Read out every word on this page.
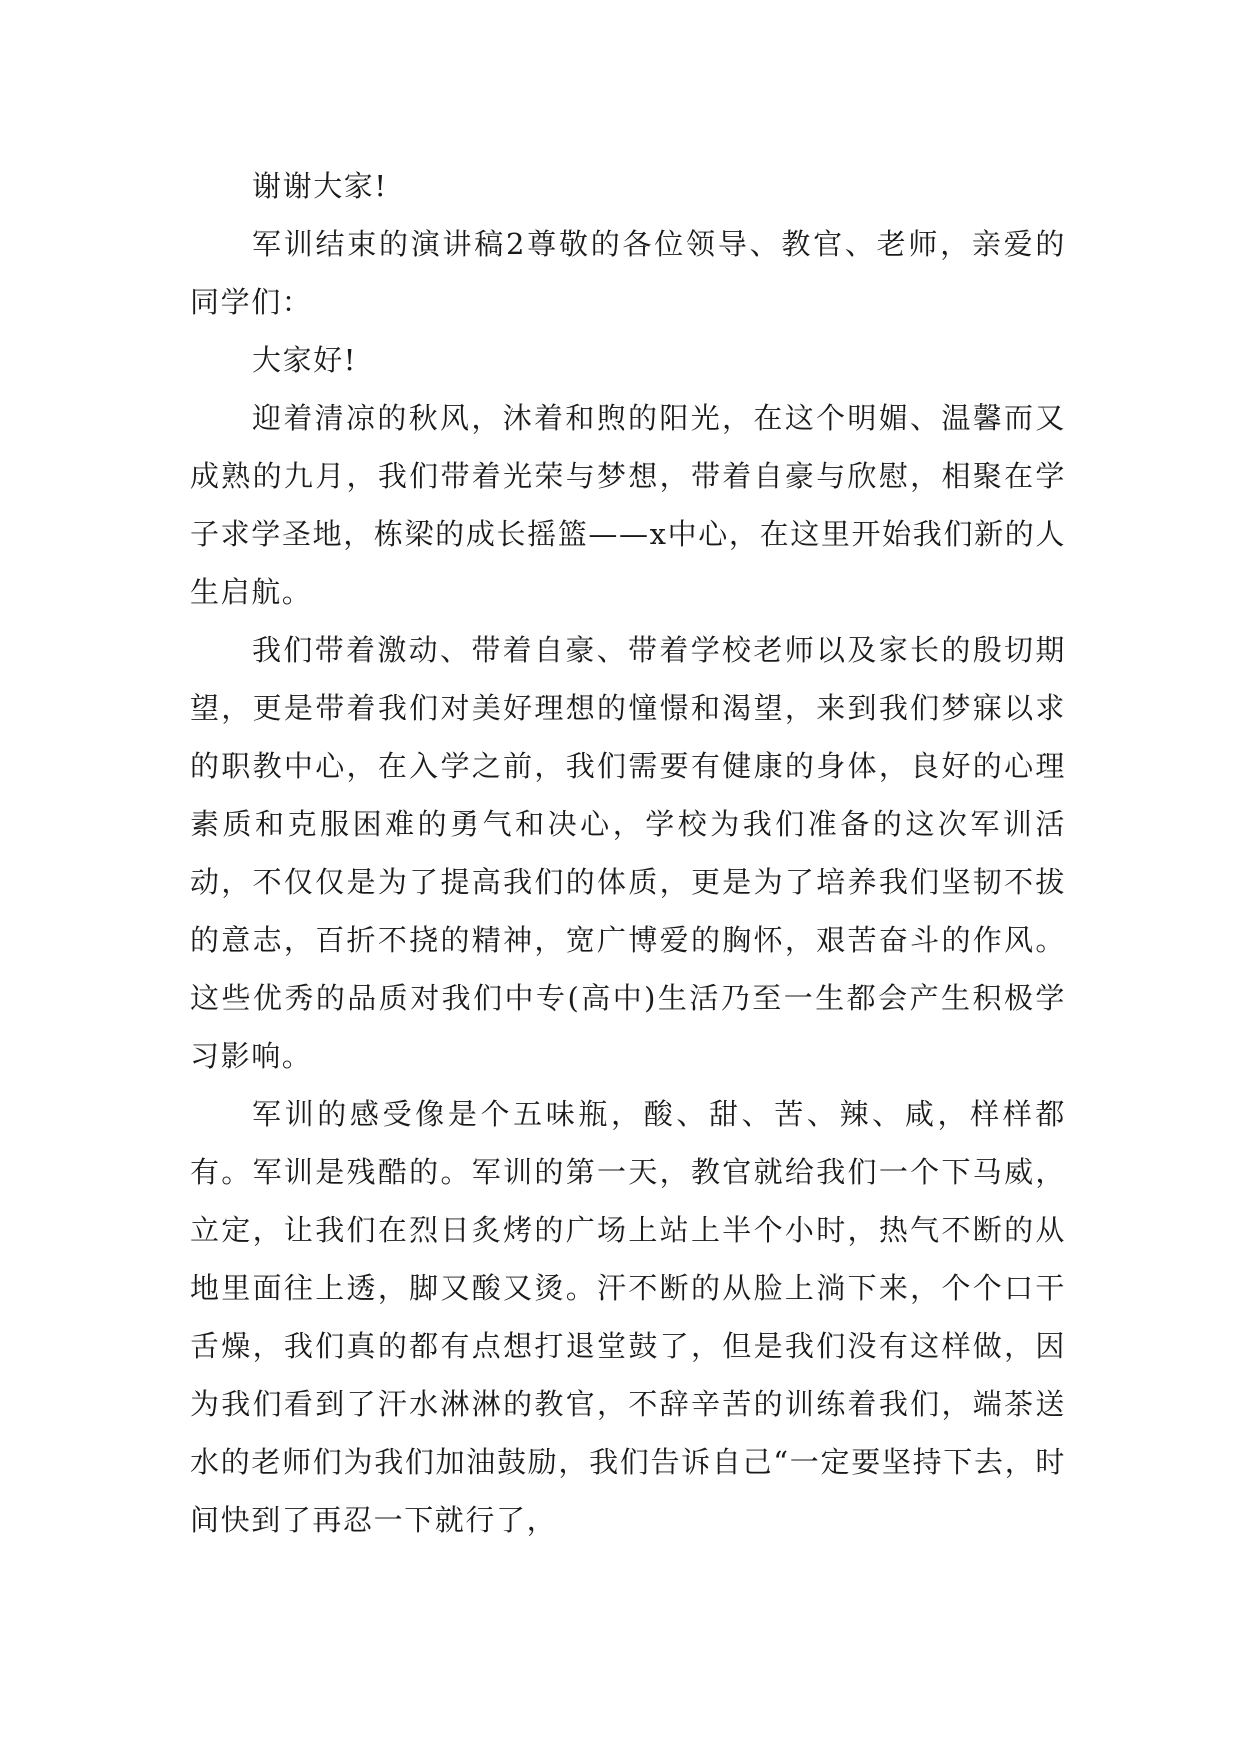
谢谢大家!

军训结束的演讲稿2尊敬的各位领导、教官、老师，亲爱的同学们：

大家好!

迎着清凉的秋风，沐着和煦的阳光，在这个明媚、温馨而又成熟的九月，我们带着光荣与梦想，带着自豪与欣慰，相聚在学子求学圣地，栋梁的成长摇篮——x中心，在这里开始我们新的人生启航。

我们带着激动、带着自豪、带着学校老师以及家长的殷切期望，更是带着我们对美好理想的憧憬和渴望，来到我们梦寐以求的职教中心，在入学之前，我们需要有健康的身体，良好的心理素质和克服困难的勇气和决心，学校为我们准备的这次军训活动，不仅仅是为了提高我们的体质，更是为了培养我们坚韧不拔的意志，百折不挠的精神，宽广博爱的胸怀，艰苦奋斗的作风。这些优秀的品质对我们中专(高中)生活乃至一生都会产生积极学习影响。

军训的感受像是个五味瓶，酸、甜、苦、辣、咸，样样都有。军训是残酷的。军训的第一天，教官就给我们一个下马威，立定，让我们在烈日炙烤的广场上站上半个小时，热气不断的从地里面往上透，脚又酸又烫。汗不断的从脸上淌下来，个个口干舌燥，我们真的都有点想打退堂鼓了，但是我们没有这样做，因为我们看到了汗水淋淋的教官，不辞辛苦的训练着我们，端茶送水的老师们为我们加油鼓励，我们告诉自己“一定要坚持下去，时间快到了再忍一下就行了，
